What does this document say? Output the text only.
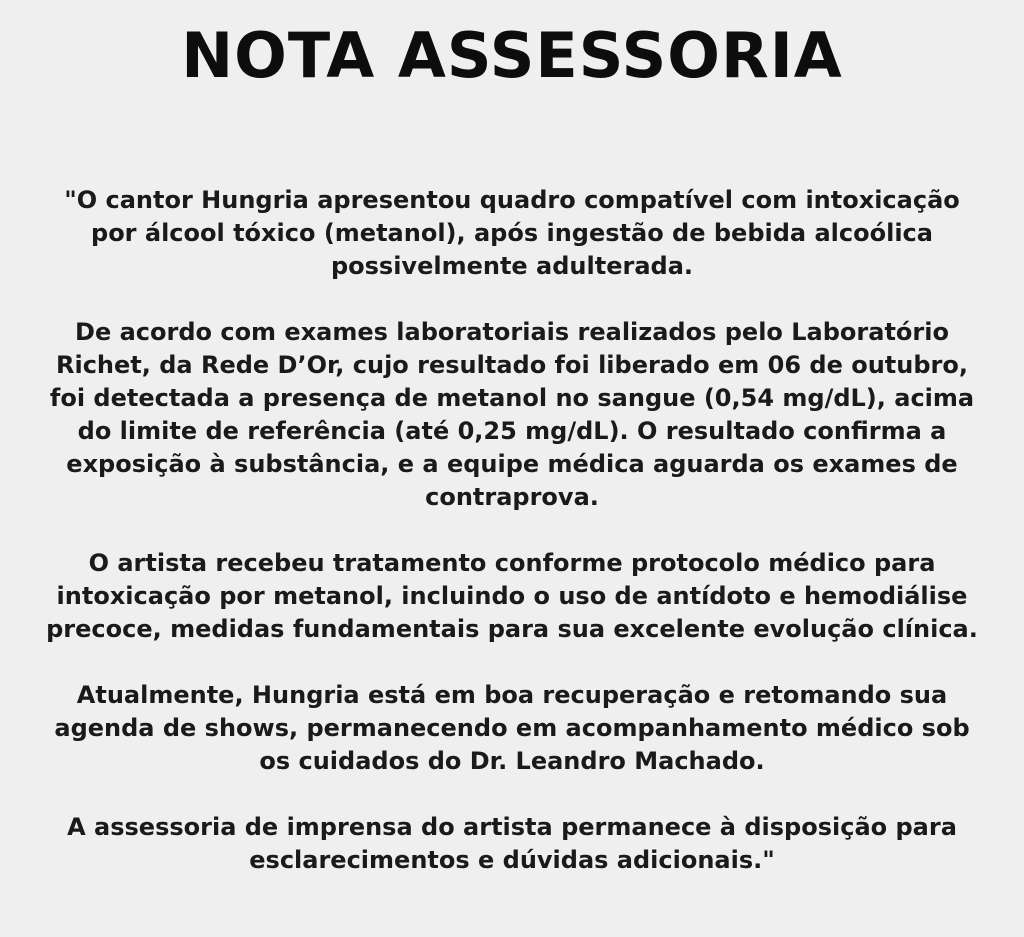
NOTA ASSESSORIA

"O cantor Hungria apresentou quadro compatível com intoxicação por álcool tóxico (metanol), após ingestão de bebida alcoólica possivelmente adulterada.

De acordo com exames laboratoriais realizados pelo Laboratório Richet, da Rede D’Or, cujo resultado foi liberado em 06 de outubro, foi detectada a presença de metanol no sangue (0,54 mg/dL), acima do limite de referência (até 0,25 mg/dL). O resultado confirma a exposição à substância, e a equipe médica aguarda os exames de contraprova.

O artista recebeu tratamento conforme protocolo médico para intoxicação por metanol, incluindo o uso de antídoto e hemodiálise precoce, medidas fundamentais para sua excelente evolução clínica.

Atualmente, Hungria está em boa recuperação e retomando sua agenda de shows, permanecendo em acompanhamento médico sob os cuidados do Dr. Leandro Machado.

A assessoria de imprensa do artista permanece à disposição para esclarecimentos e dúvidas adicionais."
